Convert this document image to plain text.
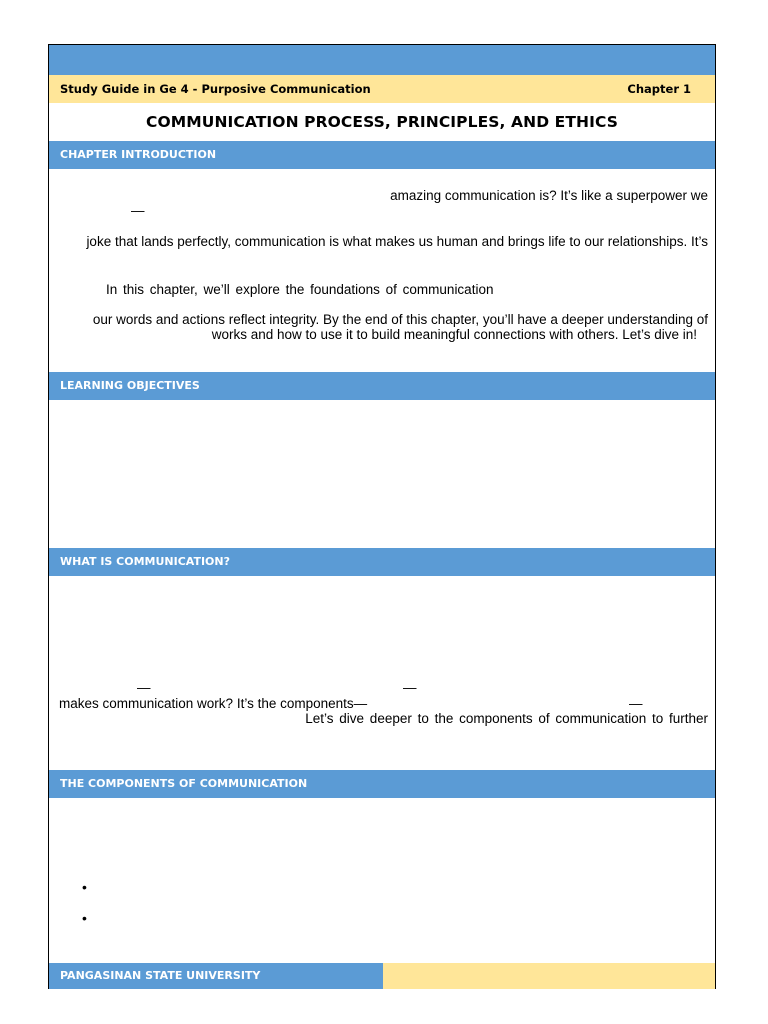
Study Guide in Ge 4 - Purposive Communication	Chapter 1
COMMUNICATION PROCESS, PRINCIPLES, AND ETHICS
CHAPTER INTRODUCTION
amazing communication is? It’s like a superpower we
—
joke that lands perfectly, communication is what makes us human and brings life to our relationships. It’s
In this chapter, we’ll explore the foundations of communication
our words and actions reflect integrity. By the end of this chapter, you’ll have a deeper understanding of
works and how to use it to build meaningful connections with others. Let’s dive in!
LEARNING OBJECTIVES
WHAT IS COMMUNICATION?
—	—
makes communication work? It’s the components—	—
Let’s dive deeper to the components of communication to further
THE COMPONENTS OF COMMUNICATION
•
•
PANGASINAN STATE UNIVERSITY
